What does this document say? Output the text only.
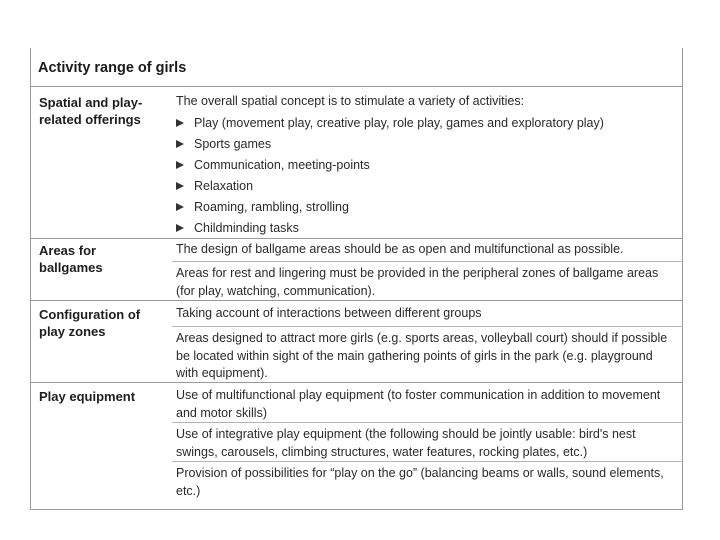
Activity range of girls
Spatial and play-related offerings
The overall spatial concept is to stimulate a variety of activities:
Play (movement play, creative play, role play, games and exploratory play)
Sports games
Communication, meeting-points
Relaxation
Roaming, rambling, strolling
Childminding tasks
Areas for ballgames
The design of ballgame areas should be as open and multifunctional as possible.
Areas for rest and lingering must be provided in the peripheral zones of ballgame areas (for play, watching, communication).
Configuration of play zones
Taking account of interactions between different groups
Areas designed to attract more girls (e.g. sports areas, volleyball court) should if possible be located within sight of the main gathering points of girls in the park (e.g. playground with equipment).
Play equipment	Use of multifunctional play equipment (to foster communication in addition to movement and motor skills)
Use of integrative play equipment (the following should be jointly usable: bird's nest swings, carousels, climbing structures, water features, rocking plates, etc.)
Provision of possibilities for “play on the go” (balancing beams or walls, sound elements, etc.)
